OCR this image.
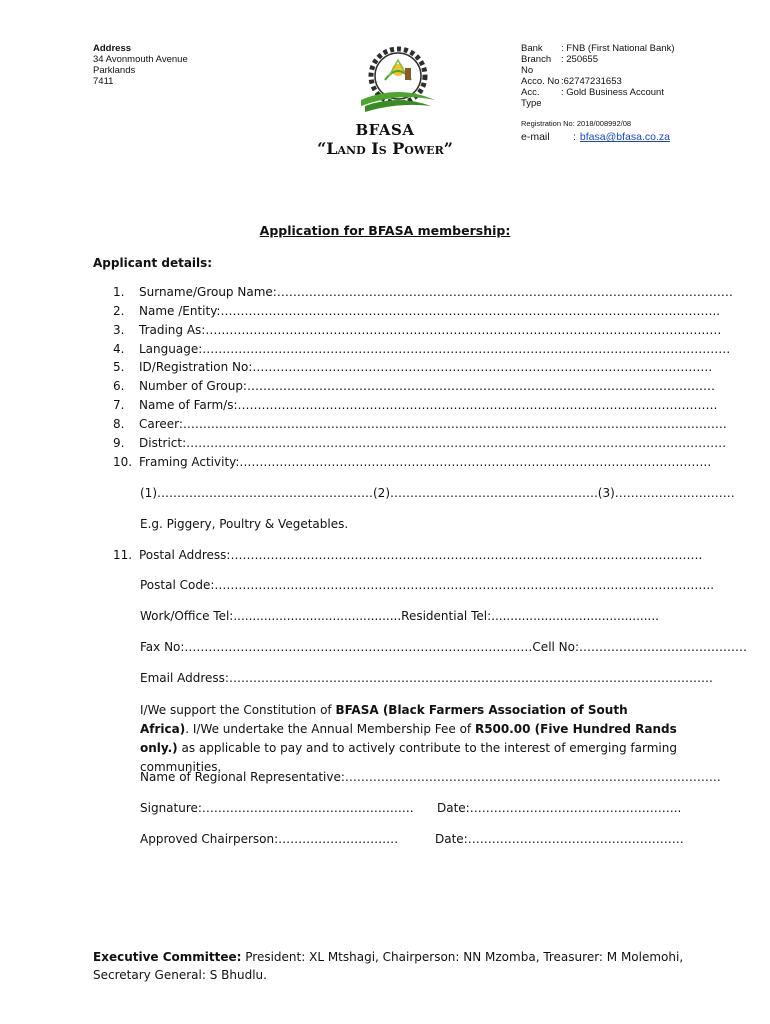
Address
34 Avonmouth Avenue
Parklands
7411
Bank	: FNB (First National Bank)
Branch No
: 250655
Acco. No :62747231653
Acc. Type
: Gold Business Account
Registration No: 2018/008992/08
e-mail	: bfasa@bfasa.co.za
BFASA
“Land Is Power”
Application for BFASA membership:
Applicant details:
1. Surname/Group Name:……………………………………………………………………………………………………
2. Name /Entity:……………………………………………………………………………………………………………..
3. Trading As:…………………………………………………………………………………………………………………
4. Language:……………………………………………………………………………………………………………………
5. ID/Registration No:…………………………………………………………………………………………………….
6. Number of Group:………………………………………………………………………………………………………
7. Name of Farm/s:…………………………………………………………………………………………………………
8. Career:……………………………………………………………………………………………………………………….
9. District:………………………………………………………………………………………………………………………
10. Framing Activity:……………………………………………………………………………………………………….
(1)………………………………………………(2)…………………………………………….(3)…………………………
E.g. Piggery, Poultry & Vegetables.
11. Postal Address:……………………………………………………………………………………………………….
Postal Code:……………………………………………………………………………………………………………..
Work/Office Tel:............................................Residential Tel:............................................
Fax No:……………………………………………………………………………Cell No:……………………………………
Email Address:………………………………………………………………………………………………………….
I/We support the Constitution of BFASA (Black Farmers Association of South Africa). I/We undertake the Annual Membership Fee of R500.00 (Five Hundred Rands only.) as applicable to pay and to actively contribute to the interest of emerging farming communities.
Name of Regional Representative:………………………………………………………………………………….
Signature:…………………………………………….. Date:……………………………………………..
Approved Chairperson:…………………………	Date:………………………………………………
Executive Committee: President: XL Mtshagi, Chairperson: NN Mzomba, Treasurer: M Molemohi, Secretary General: S Bhudlu.
